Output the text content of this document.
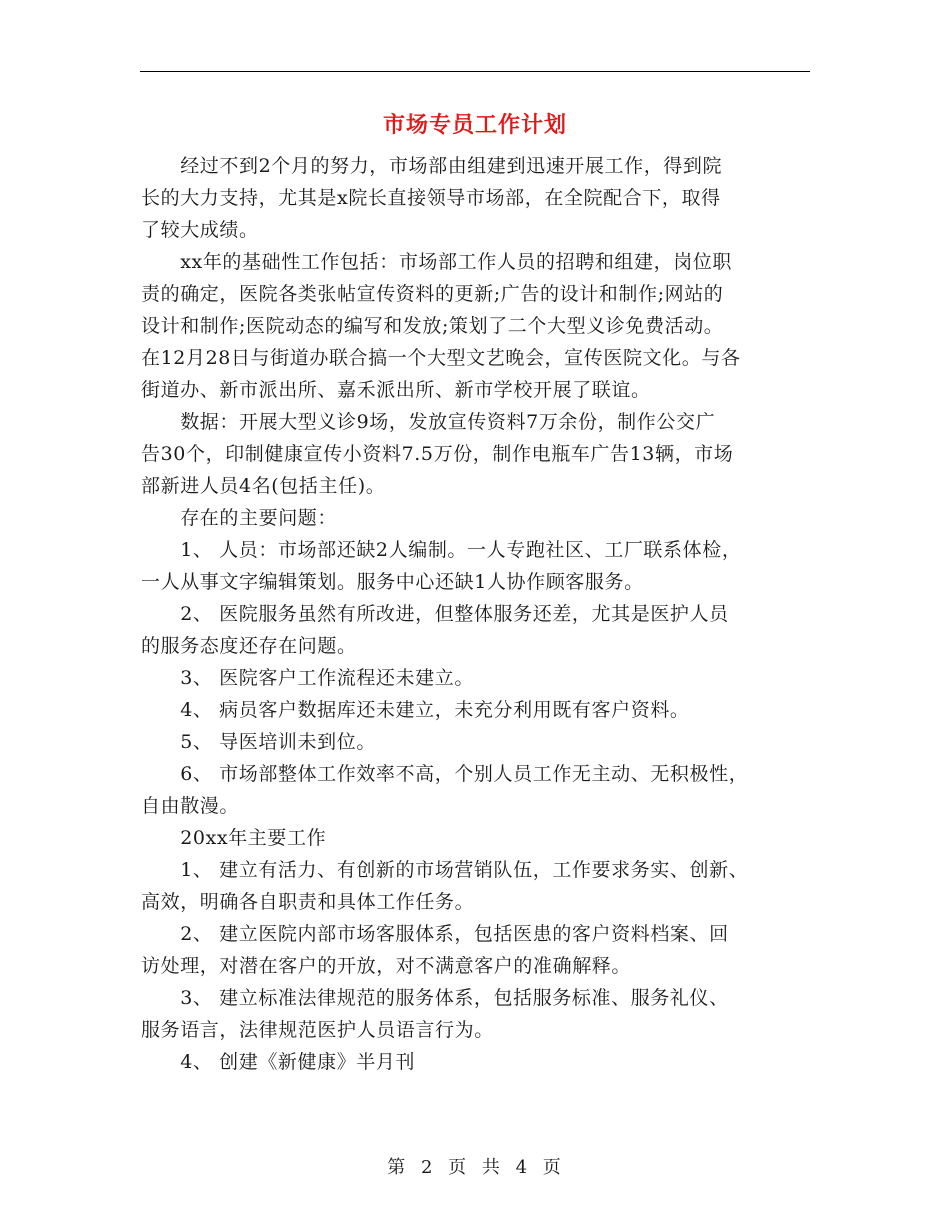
市场专员工作计划
　　经过不到2个月的努力，市场部由组建到迅速开展工作，得到院
长的大力支持，尤其是x院长直接领导市场部，在全院配合下，取得
了较大成绩。
　　xx年的基础性工作包括：市场部工作人员的招聘和组建，岗位职
责的确定，医院各类张帖宣传资料的更新;广告的设计和制作;网站的
设计和制作;医院动态的编写和发放;策划了二个大型义诊免费活动。
在12月28日与街道办联合搞一个大型文艺晚会，宣传医院文化。与各
街道办、新市派出所、嘉禾派出所、新市学校开展了联谊。
　　数据：开展大型义诊9场，发放宣传资料7万余份，制作公交广
告30个，印制健康宣传小资料7.5万份，制作电瓶车广告13辆，市场
部新进人员4名(包括主任)。
　　存在的主要问题：
　　1、 人员：市场部还缺2人编制。一人专跑社区、工厂联系体检，
一人从事文字编辑策划。服务中心还缺1人协作顾客服务。
　　2、 医院服务虽然有所改进，但整体服务还差，尤其是医护人员
的服务态度还存在问题。
　　3、 医院客户工作流程还未建立。
　　4、 病员客户数据库还未建立，未充分利用既有客户资料。
　　5、 导医培训未到位。
　　6、 市场部整体工作效率不高，个别人员工作无主动、无积极性，
自由散漫。
　　20xx年主要工作
　　1、 建立有活力、有创新的市场营销队伍，工作要求务实、创新、
高效，明确各自职责和具体工作任务。
　　2、 建立医院内部市场客服体系，包括医患的客户资料档案、回
访处理，对潜在客户的开放，对不满意客户的准确解释。
　　3、 建立标准法律规范的服务体系，包括服务标准、服务礼仪、
服务语言，法律规范医护人员语言行为。
　　4、 创建《新健康》半月刊
第 2 页 共 4 页
